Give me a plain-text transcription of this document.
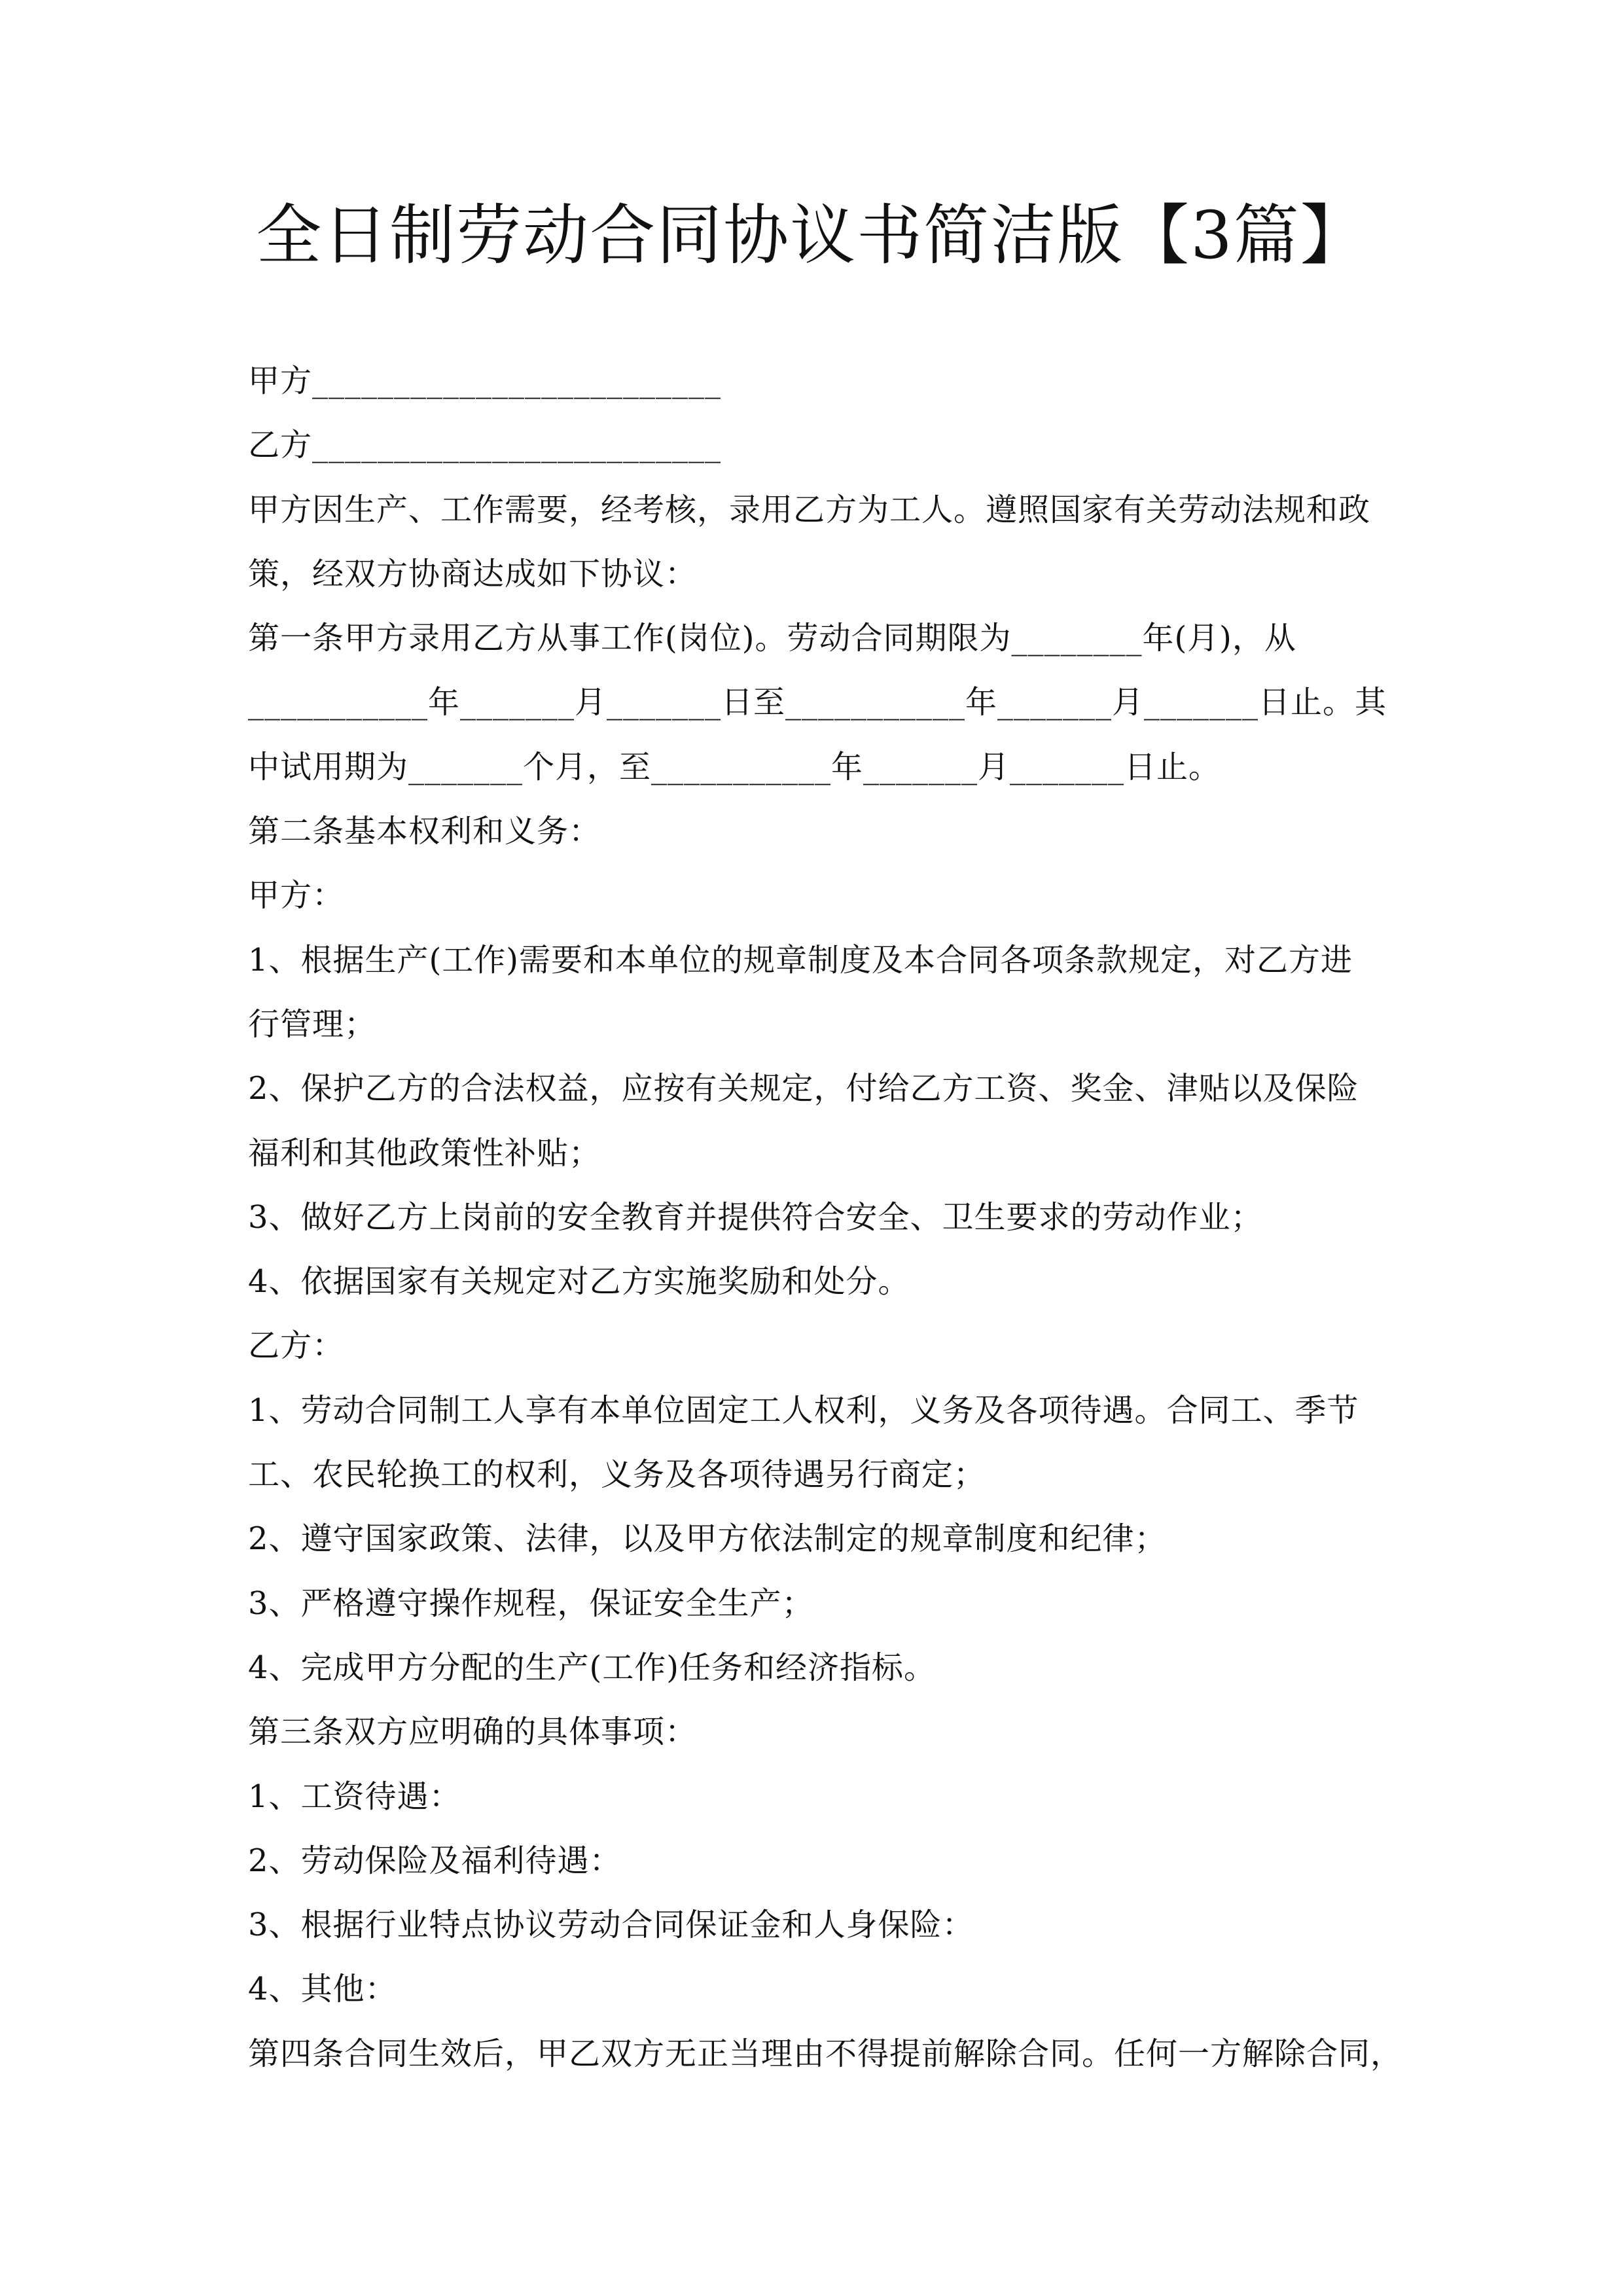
全日制劳动合同协议书简洁版【3篇】
甲方_________________________
乙方_________________________
甲方因生产、工作需要，经考核，录用乙方为工人。遵照国家有关劳动法规和政
策，经双方协商达成如下协议：
第一条甲方录用乙方从事工作(岗位)。劳动合同期限为________年(月)，从
___________年_______月_______日至___________年_______月_______日止。其
中试用期为_______个月，至___________年_______月_______日止。
第二条基本权利和义务：
甲方：
1、根据生产(工作)需要和本单位的规章制度及本合同各项条款规定，对乙方进
行管理；
2、保护乙方的合法权益，应按有关规定，付给乙方工资、奖金、津贴以及保险
福利和其他政策性补贴；
3、做好乙方上岗前的安全教育并提供符合安全、卫生要求的劳动作业；
4、依据国家有关规定对乙方实施奖励和处分。
乙方：
1、劳动合同制工人享有本单位固定工人权利，义务及各项待遇。合同工、季节
工、农民轮换工的权利，义务及各项待遇另行商定；
2、遵守国家政策、法律，以及甲方依法制定的规章制度和纪律；
3、严格遵守操作规程，保证安全生产；
4、完成甲方分配的生产(工作)任务和经济指标。
第三条双方应明确的具体事项：
1、工资待遇：
2、劳动保险及福利待遇：
3、根据行业特点协议劳动合同保证金和人身保险：
4、其他：
第四条合同生效后，甲乙双方无正当理由不得提前解除合同。任何一方解除合同，
